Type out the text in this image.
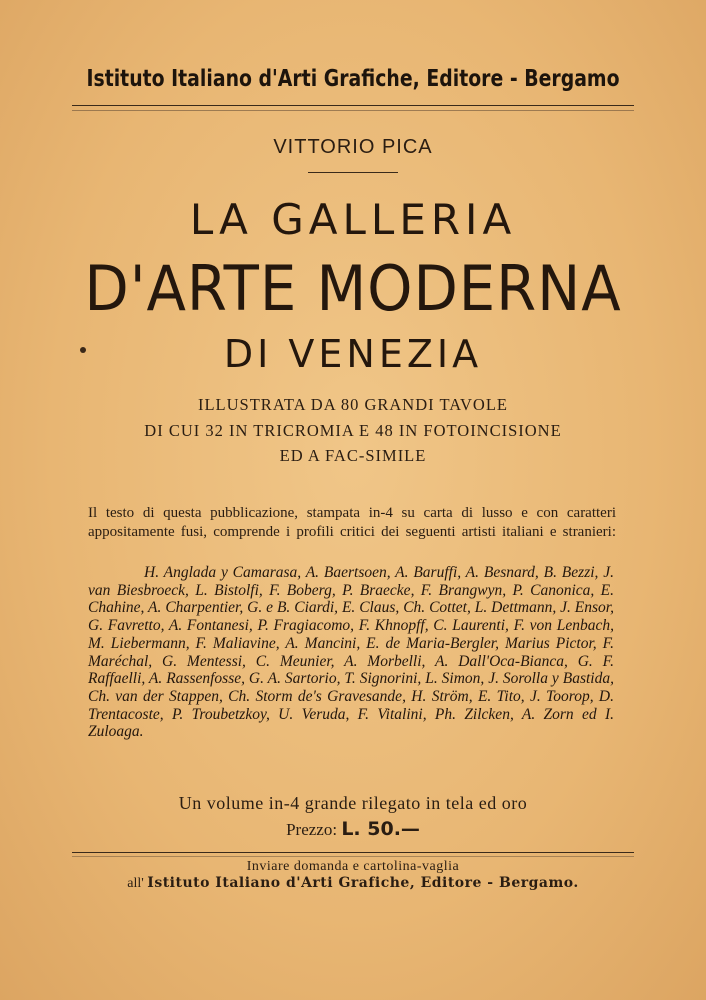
Istituto Italiano d'Arti Grafiche, Editore - Bergamo
VITTORIO PICA
LA GALLERIA
D'ARTE MODERNA
DI VENEZIA
ILLUSTRATA DA 80 GRANDI TAVOLE
DI CUI 32 IN TRICROMIA E 48 IN FOTOINCISIONE
ED A FAC-SIMILE
Il testo di questa pubblicazione, stampata in-4 su carta di lusso e con caratteri appositamente fusi, comprende i profili critici dei seguenti artisti italiani e stranieri:
H. Anglada y Camarasa, A. Baertsoen, A. Baruffi, A. Besnard, B. Bezzi, J. van Biesbroeck, L. Bistolfi, F. Boberg, P. Braecke, F. Brangwyn, P. Canonica, E. Chahine, A. Charpentier, G. e B. Ciardi, E. Claus, Ch. Cottet, L. Dettmann, J. Ensor, G. Favretto, A. Fontanesi, P. Fragiacomo, F. Khnopff, C. Laurenti, F. von Lenbach, M. Liebermann, F. Maliavine, A. Mancini, E. de Maria-Bergler, Marius Pictor, F. Maréchal, G. Mentessi, C. Meunier, A. Morbelli, A. Dall'Oca-Bianca, G. F. Raffaelli, A. Rassenfosse, G. A. Sartorio, T. Signorini, L. Simon, J. Sorolla y Bastida, Ch. van der Stappen, Ch. Storm de's Gravesande, H. Ström, E. Tito, J. Toorop, D. Trentacoste, P. Troubetzkoy, U. Veruda, F. Vitalini, Ph. Zilcken, A. Zorn ed I. Zuloaga.
Un volume in-4 grande rilegato in tela ed oro
Prezzo: L. 50.—
Inviare domanda e cartolina-vaglia
all' Istituto Italiano d'Arti Grafiche, Editore - Bergamo.
